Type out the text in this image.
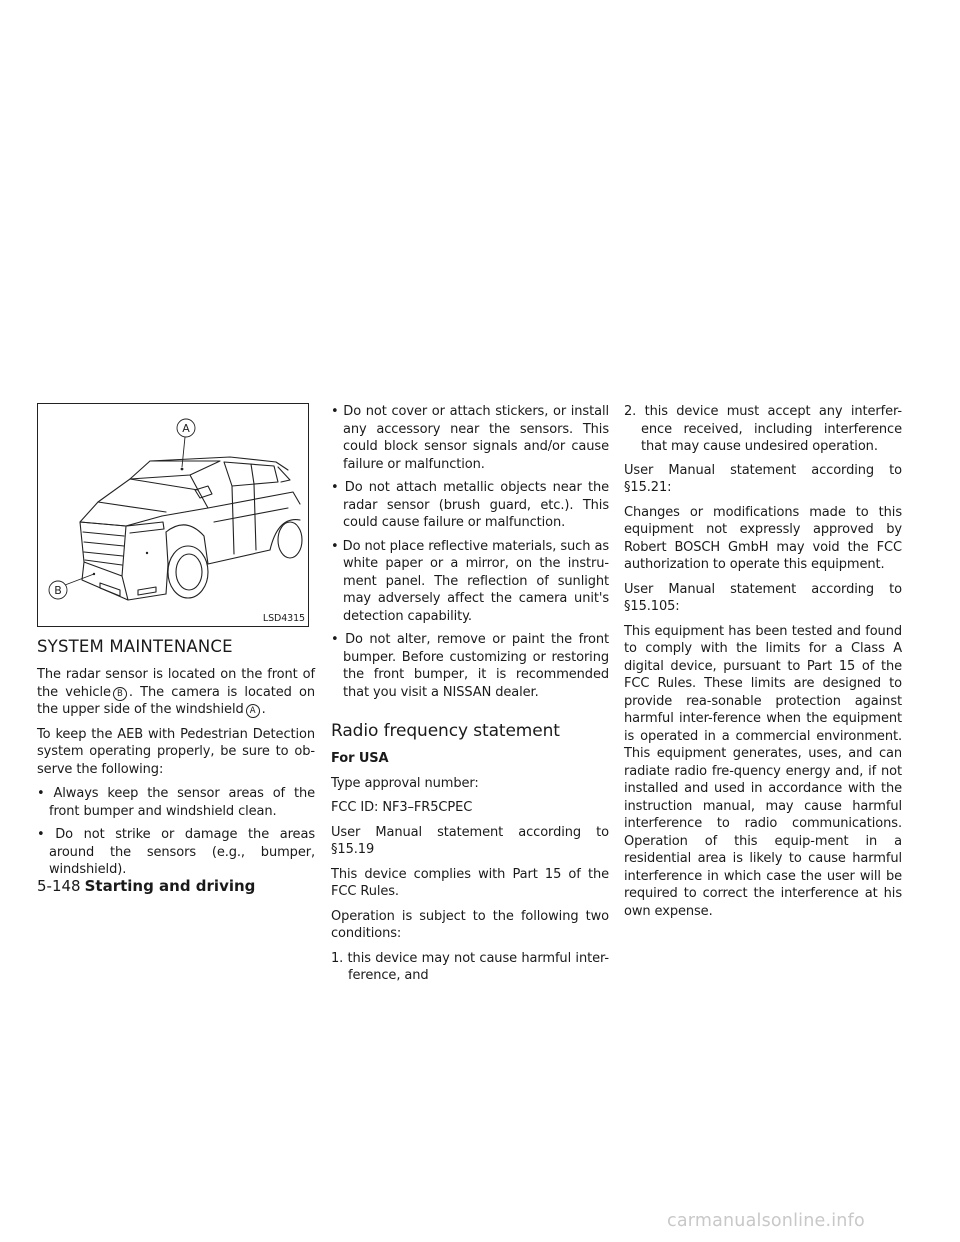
A
B
LSD4315
SYSTEM MAINTENANCE

The radar sensor is located on the front of the vehicle B . The camera is located on the upper side of the windshield A .

To keep the AEB with Pedestrian Detection system operating properly, be sure to ob-serve the following:

• Always keep the sensor areas of the front bumper and windshield clean.
• Do not strike or damage the areas around the sensors (e.g., bumper, windshield).
• Do not cover or attach stickers, or install any accessory near the sensors. This could block sensor signals and/or cause failure or malfunction.
• Do not attach metallic objects near the radar sensor (brush guard, etc.). This could cause failure or malfunction.
• Do not place reflective materials, such as white paper or a mirror, on the instru-ment panel. The reflection of sunlight may adversely affect the camera unit's detection capability.
• Do not alter, remove or paint the front bumper. Before customizing or restoring the front bumper, it is recommended that you visit a NISSAN dealer.
Radio frequency statement
For USA

Type approval number:

FCC ID: NF3–FR5CPEC

User Manual statement according to §15.19

This device complies with Part 15 of the FCC Rules.

Operation is subject to the following two conditions:

1. this device may not cause harmful inter-ference, and
2. this device must accept any interfer-ence received, including interference that may cause undesired operation.

User Manual statement according to §15.21:

Changes or modifications made to this equipment not expressly approved by Robert BOSCH GmbH may void the FCC authorization to operate this equipment.

User Manual statement according to §15.105:

This equipment has been tested and found to comply with the limits for a Class A digital device, pursuant to Part 15 of the FCC Rules. These limits are designed to provide rea-sonable protection against harmful inter-ference when the equipment is operated in a commercial environment. This equipment generates, uses, and can radiate radio fre-quency energy and, if not installed and used in accordance with the instruction manual, may cause harmful interference to radio communications. Operation of this equip-ment in a residential area is likely to cause harmful interference in which case the user will be required to correct the interference at his own expense.

5-148 Starting and driving
carmanualsonline.info
